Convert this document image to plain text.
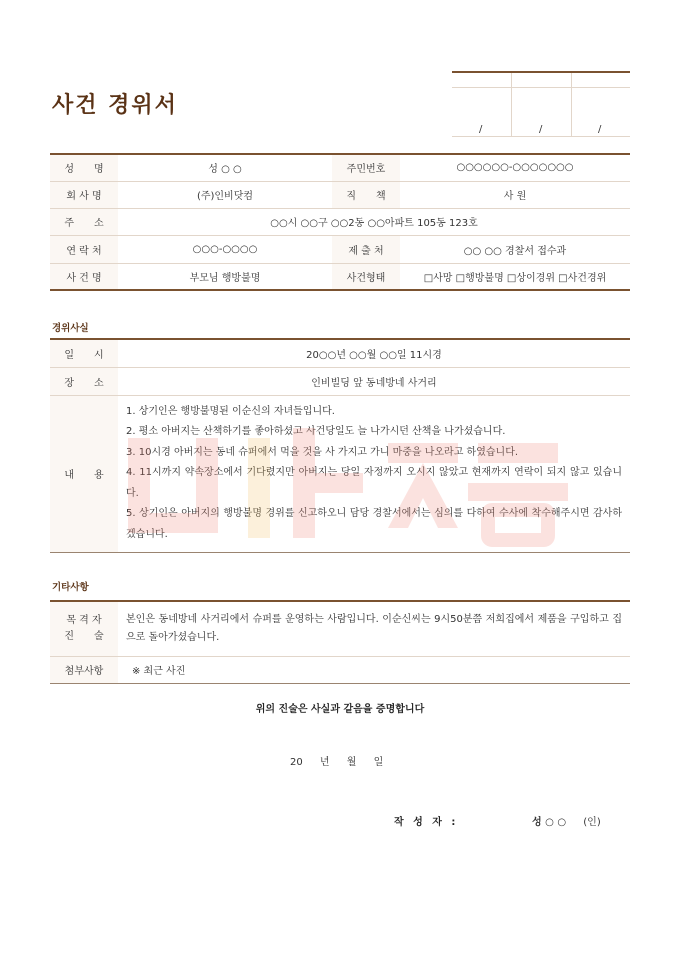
사건 경위서
/	/	/
성　　명	성 ○ ○	주민번호	○○○○○○-○○○○○○○
회 사 명	(주)인비닷컴	직　　책	사 원
주　　소	○○시 ○○구 ○○2동 ○○아파트 105동 123호		
연 락 처	○○○-○○○○	제 출 처	○○ ○○ 경찰서 접수과
사 건 명	부모님 행방불명	사건형태	□사망 □행방불명 □상이경위 □사건경위
경위사실
일　　시	20○○년 ○○월 ○○일 11시경
장　　소	인비빌딩 앞 동네방네 사거리
내　　용	1. 상기인은 행방불명된 이순신의 자녀들입니다.
2. 평소 아버지는 산책하기를 좋아하셨고 사건당일도 늘 나가시던 산책을 나가셨습니다.
3. 10시경 아버지는 동네 슈퍼에서 먹을 것을 사 가지고 가니 마중을 나오라고 하였습니다.
4. 11시까지 약속장소에서 기다렸지만 아버지는 당일 자정까지 오시지 않았고 현재까지 연락이 되지 않고 있습니다.
5. 상기인은 아버지의 행방불명 경위를 신고하오니 담당 경찰서에서는 심의를 다하여 수사에 착수해주시면 감사하겠습니다.
기타사항
목 격 자
진　　술	본인은 동네방네 사거리에서 슈퍼를 운영하는 사람입니다. 이순신씨는 9시50분쯤 저희집에서 제품을 구입하고 집으로 돌아가셨습니다.
첨부사항	※ 최근 사진
위의 진술은 사실과 같음을 증명합니다
20 년 월 일
작 성 자 :	성 ○ ○ (인)
